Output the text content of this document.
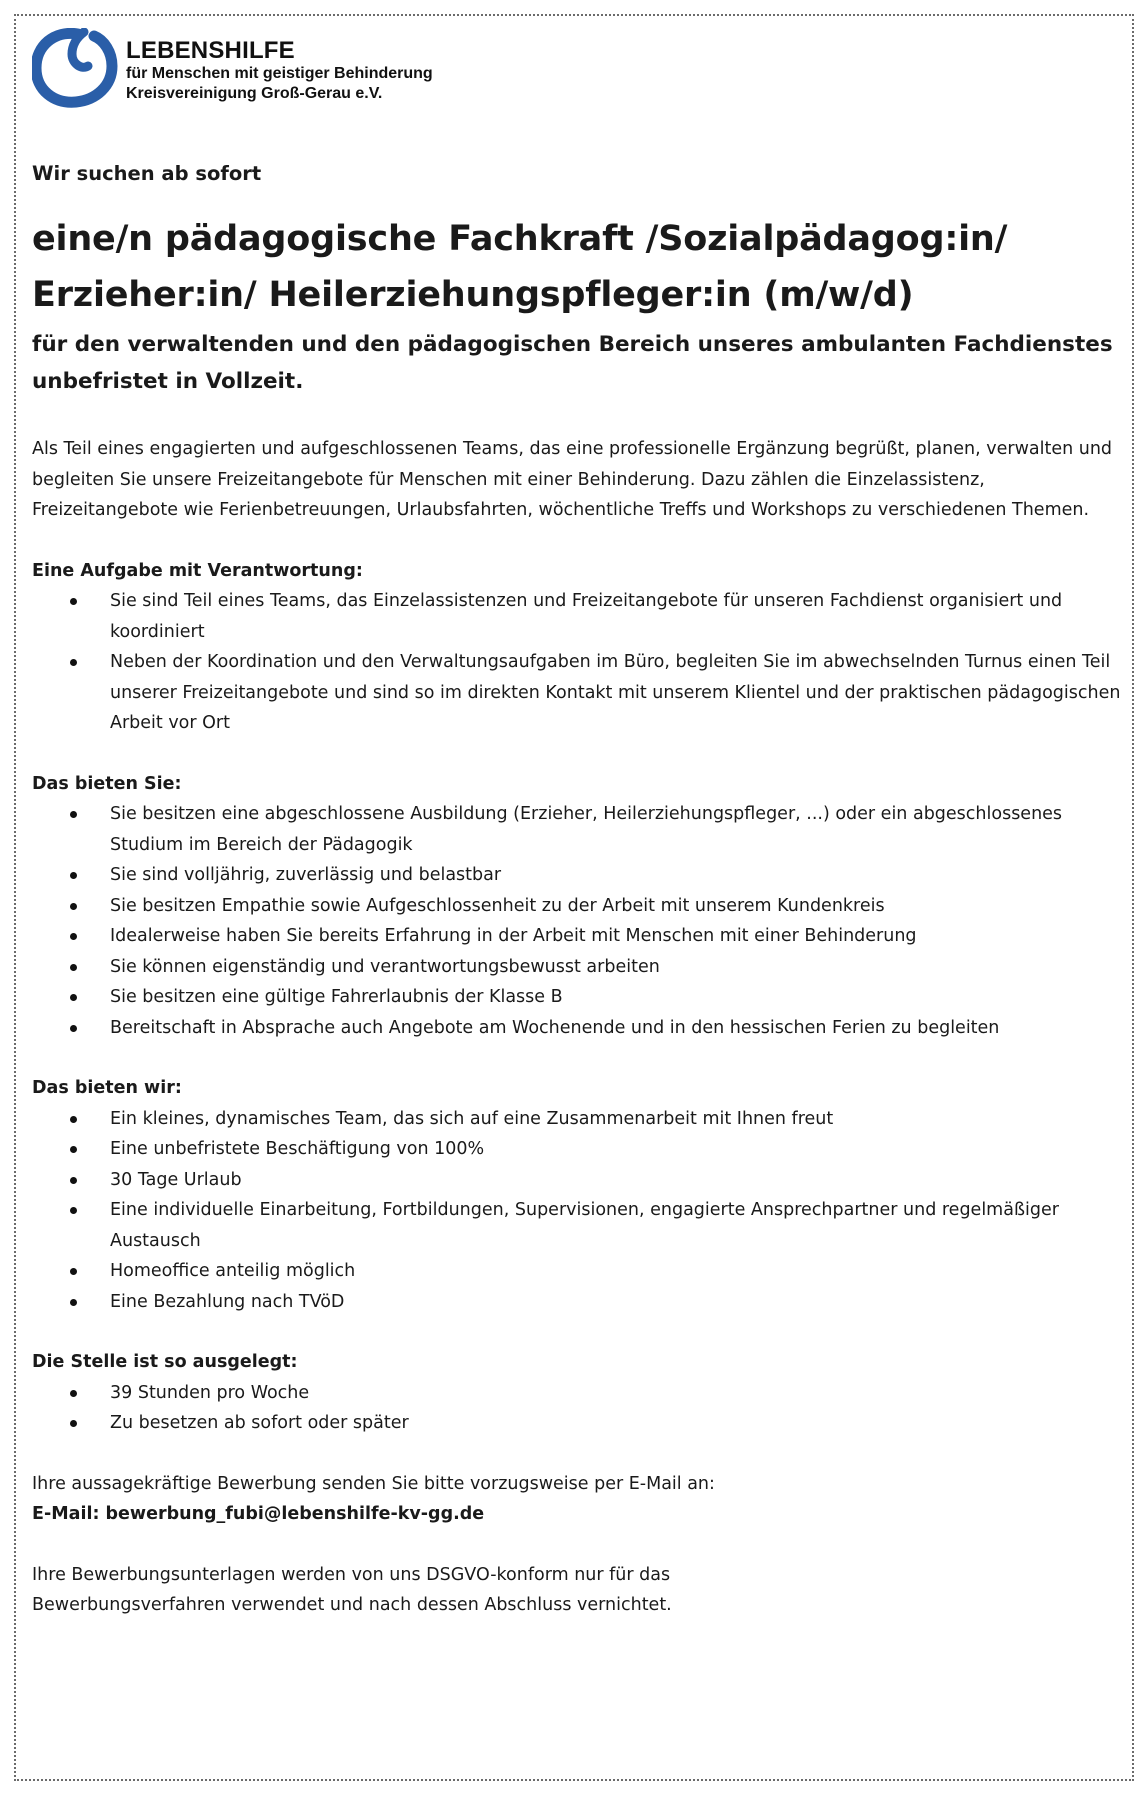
LEBENSHILFE
für Menschen mit geistiger Behinderung
Kreisvereinigung Groß-Gerau e.V.

Wir suchen ab sofort

eine/n pädagogische Fachkraft /Sozialpädagog:in/

Erzieher:in/ Heilerziehungspfleger:in (m/w/d)

für den verwaltenden und den pädagogischen Bereich unseres ambulanten Fachdienstes unbefristet in Vollzeit.

Als Teil eines engagierten und aufgeschlossenen Teams, das eine professionelle Ergänzung begrüßt, planen, verwalten und begleiten Sie unsere Freizeitangebote für Menschen mit einer Behinderung. Dazu zählen die Einzelassistenz, Freizeitangebote wie Ferienbetreuungen, Urlaubsfahrten, wöchentliche Treffs und Workshops zu verschiedenen Themen.

Eine Aufgabe mit Verantwortung:

Sie sind Teil eines Teams, das Einzelassistenzen und Freizeitangebote für unseren Fachdienst organisiert und koordiniert
Neben der Koordination und den Verwaltungsaufgaben im Büro, begleiten Sie im abwechselnden Turnus einen Teil unserer Freizeitangebote und sind so im direkten Kontakt mit unserem Klientel und der praktischen pädagogischen Arbeit vor Ort

Das bieten Sie:

Sie besitzen eine abgeschlossene Ausbildung (Erzieher, Heilerziehungspfleger, ...) oder ein abgeschlossenes Studium im Bereich der Pädagogik
Sie sind volljährig, zuverlässig und belastbar
Sie besitzen Empathie sowie Aufgeschlossenheit zu der Arbeit mit unserem Kundenkreis
Idealerweise haben Sie bereits Erfahrung in der Arbeit mit Menschen mit einer Behinderung
Sie können eigenständig und verantwortungsbewusst arbeiten
Sie besitzen eine gültige Fahrerlaubnis der Klasse B
Bereitschaft in Absprache auch Angebote am Wochenende und in den hessischen Ferien zu begleiten

Das bieten wir:

Ein kleines, dynamisches Team, das sich auf eine Zusammenarbeit mit Ihnen freut
Eine unbefristete Beschäftigung von 100%
30 Tage Urlaub
Eine individuelle Einarbeitung, Fortbildungen, Supervisionen, engagierte Ansprechpartner und regelmäßiger Austausch
Homeoffice anteilig möglich
Eine Bezahlung nach TVöD

Die Stelle ist so ausgelegt:

39 Stunden pro Woche
Zu besetzen ab sofort oder später

Ihre aussagekräftige Bewerbung senden Sie bitte vorzugsweise per E-Mail an:

E-Mail: bewerbung_fubi@lebenshilfe-kv-gg.de

Ihre Bewerbungsunterlagen werden von uns DSGVO-konform nur für das

Bewerbungsverfahren verwendet und nach dessen Abschluss vernichtet.
